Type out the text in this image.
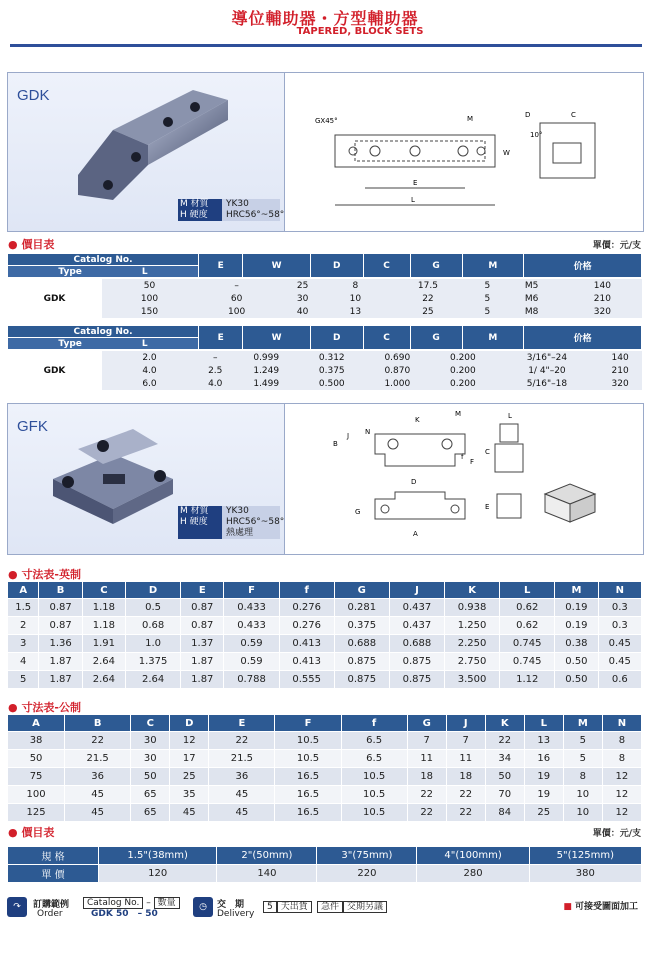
導位輔助器・方型輔助器
TAPERED, BLOCK SETS
GDK
M 材質	YK30
H 硬度	HRC56°~58°
GX45°	M
W
E
L
D	C
10°
● 價目表	單價：元/支
Catalog No.	E	W	D	C	G	M	价格
Type	L
GDK	50	–	25	8	17.5	5	M5	140
	100	60	30	10	22	5	M6	210
	150	100	40	13	25	5	M8	320
Catalog No.	E	W	D	C	G	M	价格
Type	L
GDK	2.0	–	0.999	0.312	0.690	0.200	3/16"–24	140
	4.0	2.5	1.249	0.375	0.870	0.200	1/ 4"–20	210
	6.0	4.0	1.499	0.500	1.000	0.200	5/16"–18	320
GFK
M 材質	YK30
H 硬度	HRC56°~58°
熱處理
K
M
B
J N
F
f
D
G
A
C
L
E
● 寸法表-英制
A	B	C	D	E	F	f	G	J	K	L	M	N
1.5	0.87	1.18	0.5	0.87	0.433	0.276	0.281	0.437	0.938	0.62	0.19	0.3
2	0.87	1.18	0.68	0.87	0.433	0.276	0.375	0.437	1.250	0.62	0.19	0.3
3	1.36	1.91	1.0	1.37	0.59	0.413	0.688	0.688	2.250	0.745	0.38	0.45
4	1.87	2.64	1.375	1.87	0.59	0.413	0.875	0.875	2.750	0.745	0.50	0.45
5	1.87	2.64	2.64	1.87	0.788	0.555	0.875	0.875	3.500	1.12	0.50	0.6
● 寸法表-公制
A	B	C	D	E	F	f	G	J	K	L	M	N
38	22	30	12	22	10.5	6.5	7	7	22	13	5	8
50	21.5	30	17	21.5	10.5	6.5	11	11	34	16	5	8
75	36	50	25	36	16.5	10.5	18	18	50	19	8	12
100	45	65	35	45	16.5	10.5	22	22	70	19	10	12
125	45	65	45	45	16.5	10.5	22	22	84	25	10	12
● 價目表	單價：元/支
規 格	1.5"(38mm)	2"(50mm)	3"(75mm)	4"(100mm)	5"(125mm)
單 價	120	140	220	280	380
↷	訂購範例
Order
Catalog No. – 數量
GDK 50 – 50
◷	交　期
Delivery
5 天出貨	急件 交期另議	■ 可接受圖面加工
